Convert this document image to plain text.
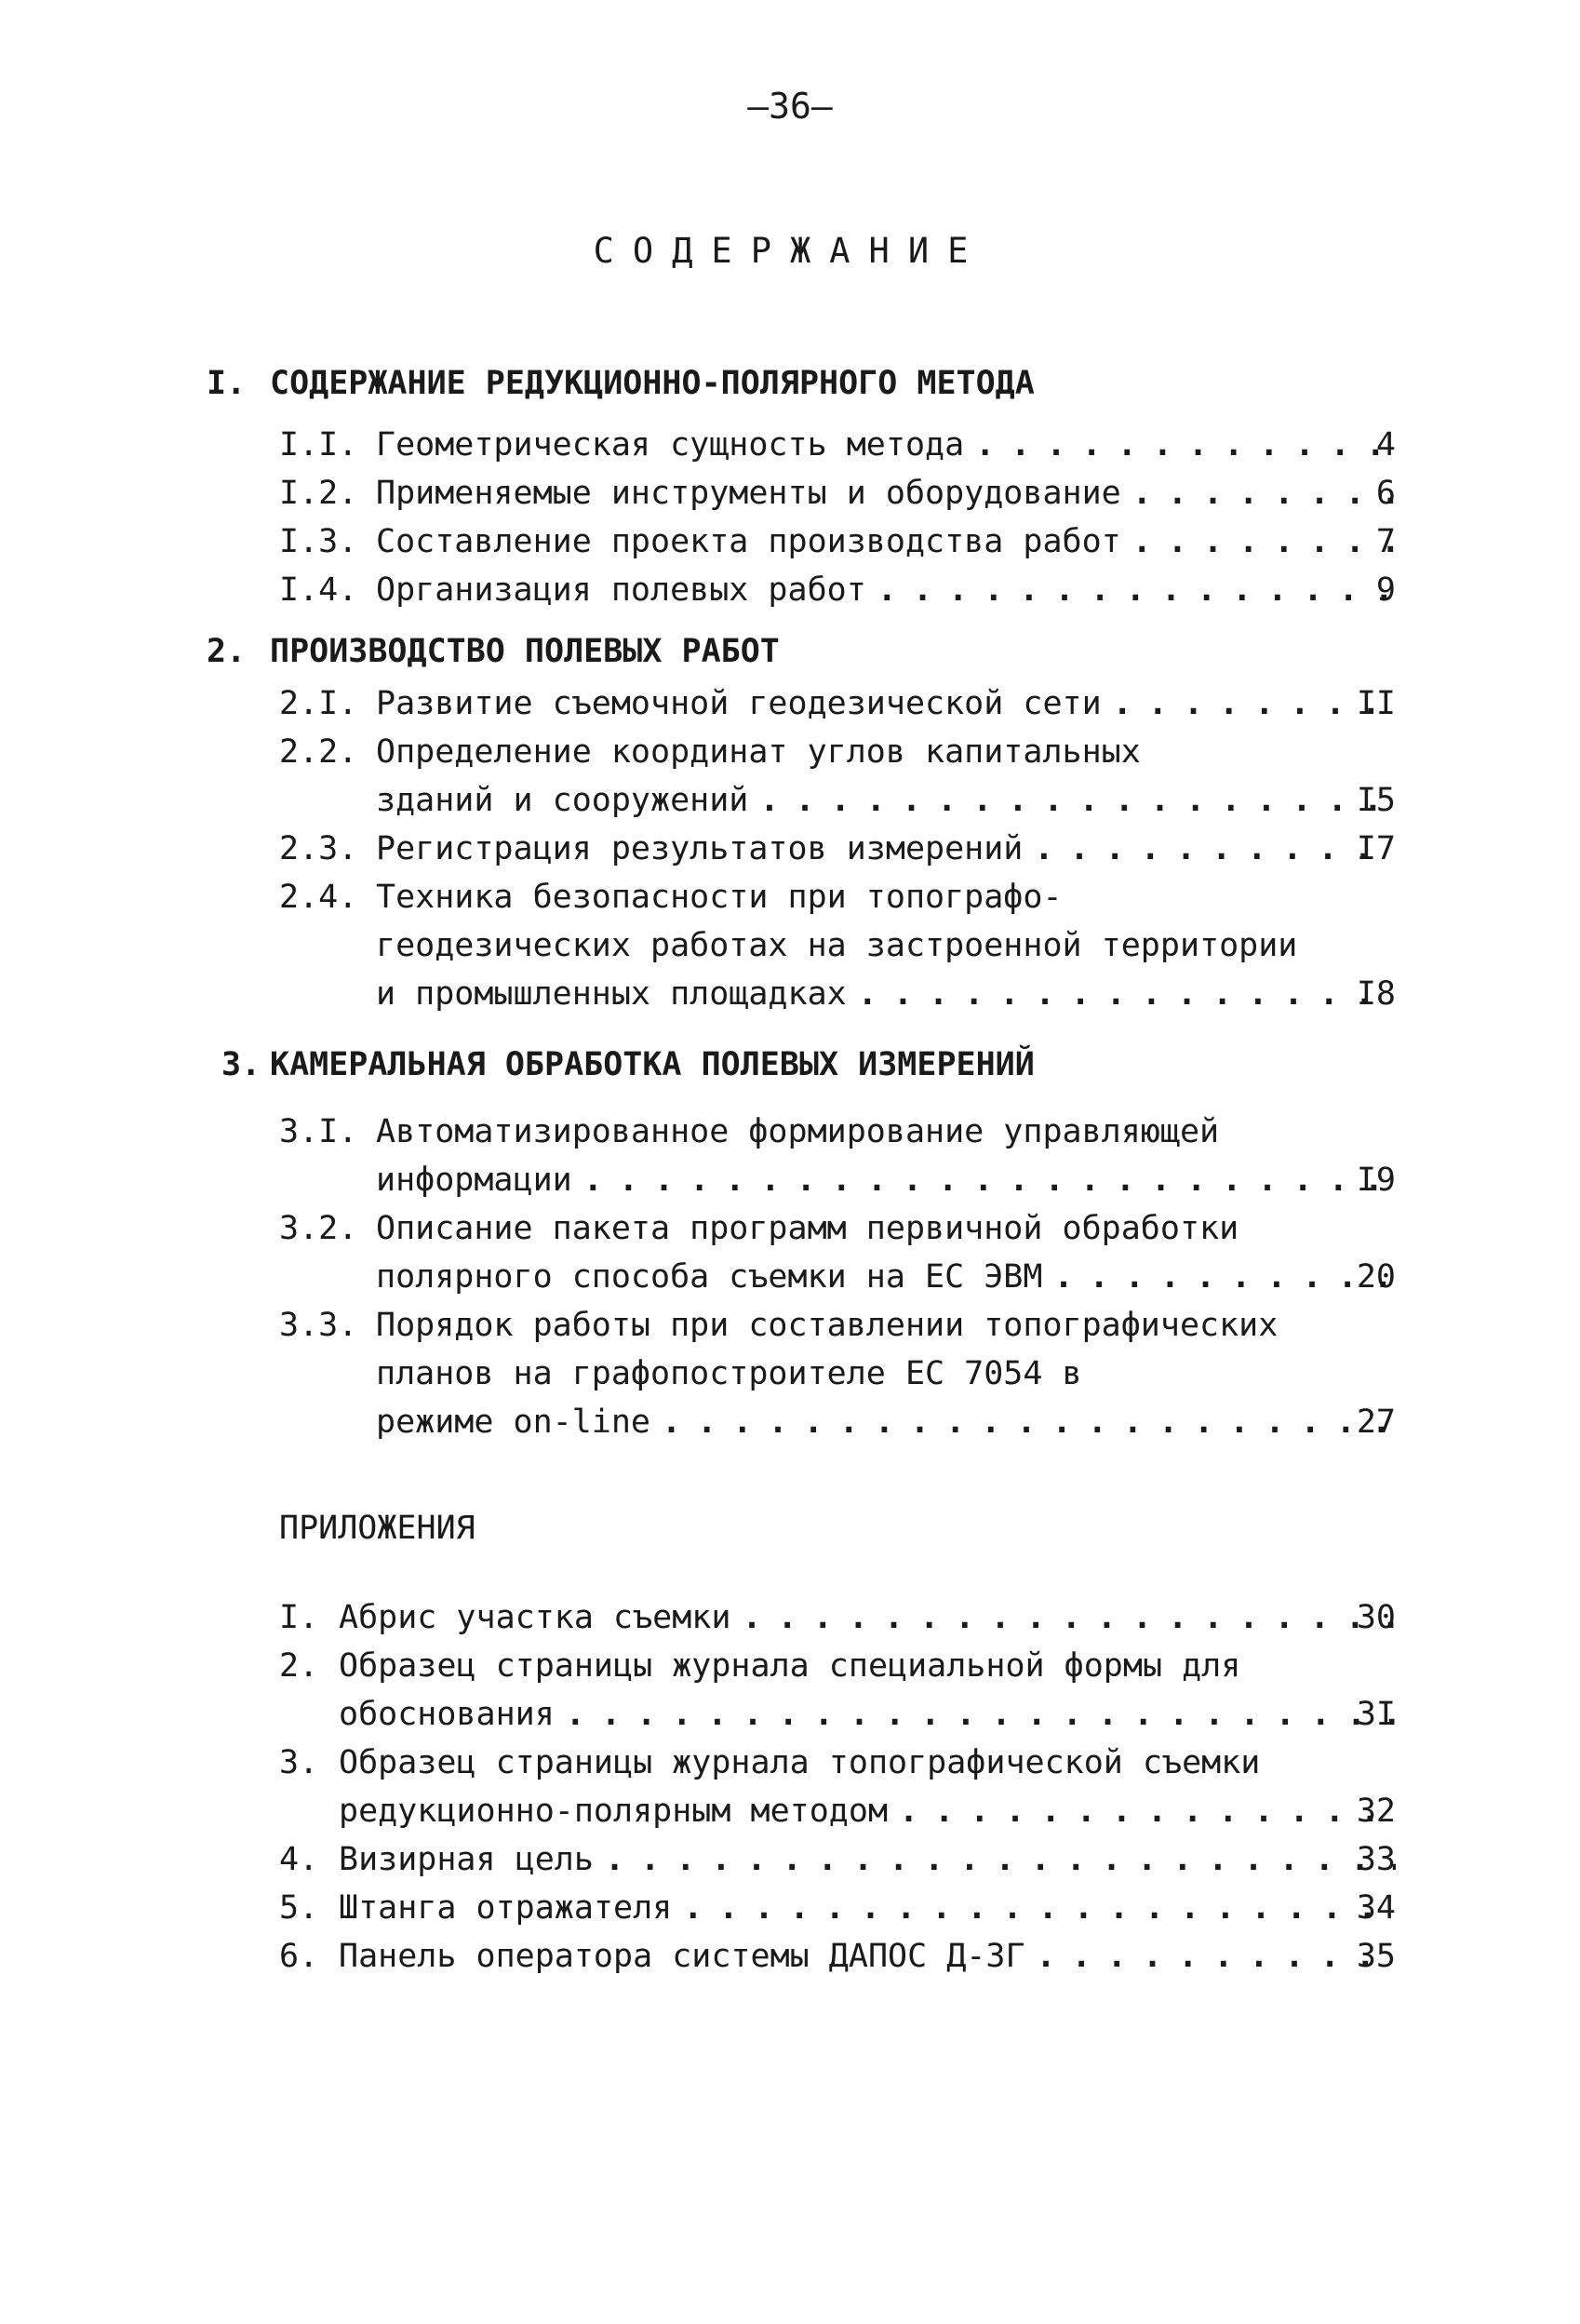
—36—
СОДЕРЖАНИЕ
I. СОДЕРЖАНИЕ РЕДУКЦИОННО-ПОЛЯРНОГО МЕТОДА
I.I. Геометрическая сущность метода . . .	4
I.2. Применяемые инструменты и оборудование . . .	6
I.3. Составление проекта производства работ . . .	7
I.4. Организация полевых работ . . .	9
2. ПРОИЗВОДСТВО ПОЛЕВЫХ РАБОТ
2.I. Развитие съемочной геодезической сети . . .	II
2.2. Определение координат углов капитальных
зданий и сооружений . . .	I5
2.3. Регистрация результатов измерений . . .	I7
2.4. Техника безопасности при топографо-
геодезических работах на застроенной территории
и промышленных площадках . . .	I8
3. КАМЕРАЛЬНАЯ ОБРАБОТКА ПОЛЕВЫХ ИЗМЕРЕНИЙ
3.I. Автоматизированное формирование управляющей
информации . . .	I9
3.2. Описание пакета программ первичной обработки
полярного способа съемки на ЕС ЭВМ . . .	20
3.3. Порядок работы при составлении топографических
планов на графопостроителе ЕС 7054 в
режиме on-line . . .	27
ПРИЛОЖЕНИЯ
I. Абрис участка съемки . . .	30
2. Образец страницы журнала специальной формы для
обоснования . . .	3I
3. Образец страницы журнала топографической съемки
редукционно-полярным методом . . .	32
4. Визирная цель . . .	33
5. Штанга отражателя . . .	34
6. Панель оператора системы ДАПОС Д-3Г . . .	35
